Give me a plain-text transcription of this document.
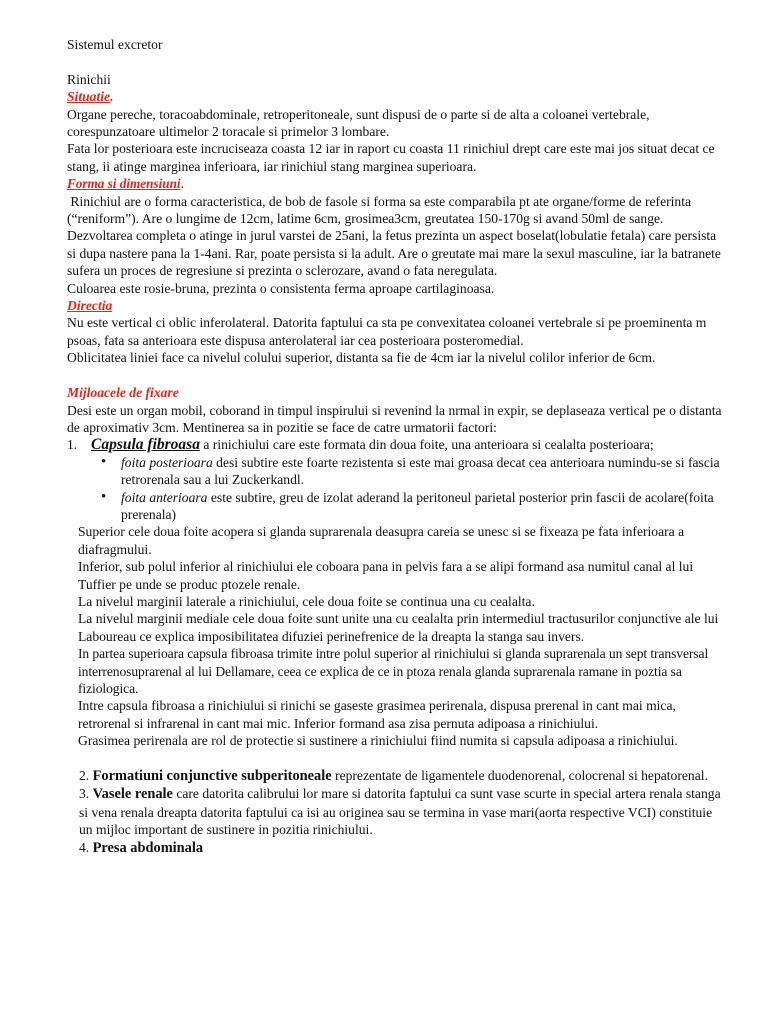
Sistemul excretor

Rinichii

Situatie.

Organe pereche, toracoabdominale, retroperitoneale, sunt dispusi de o parte si de alta a coloanei vertebrale, corespunzatoare ultimelor 2 toracale si primelor 3 lombare.

Fata lor posterioara este incruciseaza coasta 12 iar in raport cu coasta 11 rinichiul drept care este mai jos situat decat ce stang, ii atinge marginea inferioara, iar rinichiul stang marginea superioara.

Forma si dimensiuni.

Rinichiul are o forma caracteristica, de bob de fasole si forma sa este comparabila pt ate organe/forme de referinta (“reniform”). Are o lungime de 12cm, latime 6cm, grosimea3cm, greutatea 150-170g si avand 50ml de sange.

Dezvoltarea completa o atinge in jurul varstei de 25ani, la fetus prezinta un aspect boselat(lobulatie fetala) care persista si dupa nastere pana la 1-4ani. Rar, poate persista si la adult. Are o greutate mai mare la sexul masculine, iar la batranete sufera un proces de regresiune si prezinta o sclerozare, avand o fata neregulata.

Culoarea este rosie-bruna, prezinta o consistenta ferma aproape cartilaginoasa.

Directia

Nu este vertical ci oblic inferolateral. Datorita faptului ca sta pe convexitatea coloanei vertebrale si pe proeminenta m psoas, fata sa anterioara este dispusa anterolateral iar cea posterioara posteromedial.

Oblicitatea liniei face ca nivelul colului superior, distanta sa fie de 4cm iar la nivelul colilor inferior de 6cm.

Mijloacele de fixare

Desi este un organ mobil, coborand in timpul inspirului si revenind la nrmal in expir, se deplaseaza vertical pe o distanta de aproximativ 3cm. Mentinerea sa in pozitie se face de catre urmatorii factori:

1. Capsula fibroasa a rinichiului care este formata din doua foite, una anterioara si cealalta posterioara;
• foita posterioara desi subtire este foarte rezistenta si este mai groasa decat cea anterioara numindu-se si fascia retrorenala sau a lui Zuckerkandl.
• foita anterioara este subtire, greu de izolat aderand la peritoneul parietal posterior prin fascii de acolare(foita prerenala)

Superior cele doua foite acopera si glanda suprarenala deasupra careia se unesc si se fixeaza pe fata inferioara a diafragmului.

Inferior, sub polul inferior al rinichiului ele coboara pana in pelvis fara a se alipi formand asa numitul canal al lui Tuffier pe unde se produc ptozele renale.

La nivelul marginii laterale a rinichiului, cele doua foite se continua una cu cealalta.

La nivelul marginii mediale cele doua foite sunt unite una cu cealalta prin intermediul tractusurilor conjunctive ale lui Laboureau ce explica imposibilitatea difuziei perinefrenice de la dreapta la stanga sau invers.

In partea superioara capsula fibroasa trimite intre polul superior al rinichiului si glanda suprarenala un sept transversal interrenosuprarenal al lui Dellamare, ceea ce explica de ce in ptoza renala glanda suprarenala ramane in poztia sa fiziologica.

Intre capsula fibroasa a rinichiului si rinichi se gaseste grasimea perirenala, dispusa prerenal in cant mai mica, retrorenal si infrarenal in cant mai mic. Inferior formand asa zisa pernuta adipoasa a rinichiului.

Grasimea perirenala are rol de protectie si sustinere a rinichiului fiind numita si capsula adipoasa a rinichiului.

2. Formatiuni conjunctive subperitoneale reprezentate de ligamentele duodenorenal, colocrenal si hepatorenal.

3. Vasele renale care datorita calibrului lor mare si datorita faptului ca sunt vase scurte in special artera renala stanga si vena renala dreapta datorita faptului ca isi au originea sau se termina in vase mari(aorta respective VCI) constituie un mijloc important de sustinere in pozitia rinichiului.

4. Presa abdominala
